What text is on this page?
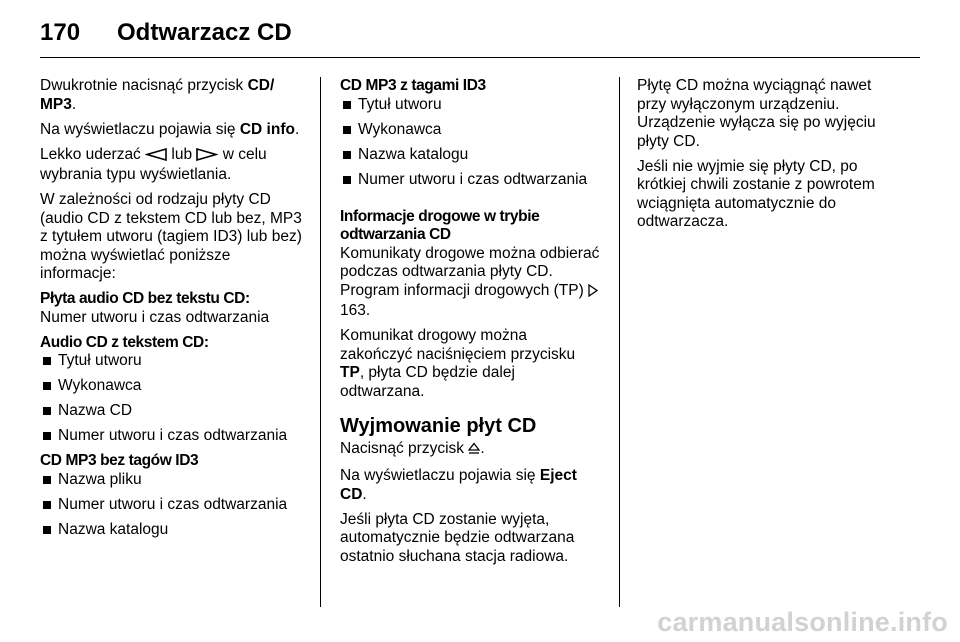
170 Odtwarzacz CD

Dwukrotnie nacisnąć przycisk CD/ MP3.

Na wyświetlaczu pojawia się CD info.

Lekko uderzać  lub  w celu wybrania typu wyświetlania.

W zależności od rodzaju płyty CD (audio CD z tekstem CD lub bez, MP3 z tytułem utworu (tagiem ID3) lub bez) można wyświetlać poniższe informacje:

Płyta audio CD bez tekstu CD:

Numer utworu i czas odtwarzania

Audio CD z tekstem CD:

Tytuł utworu
Wykonawca
Nazwa CD
Numer utworu i czas odtwarzania

CD MP3 bez tagów ID3

Nazwa pliku
Numer utworu i czas odtwarzania
Nazwa katalogu

CD MP3 z tagami ID3

Tytuł utworu
Wykonawca
Nazwa katalogu
Numer utworu i czas odtwarzania

Informacje drogowe w trybie odtwarzania CD

Komunikaty drogowe można odbierać podczas odtwarzania płyty CD. Program informacji drogowych (TP)  163.

Komunikat drogowy można zakończyć naciśnięciem przycisku TP, płyta CD będzie dalej odtwarzana.

Wyjmowanie płyt CD

Nacisnąć przycisk .

Na wyświetlaczu pojawia się Eject CD.

Jeśli płyta CD zostanie wyjęta, automatycznie będzie odtwarzana ostatnio słuchana stacja radiowa.

Płytę CD można wyciągnąć nawet przy wyłączonym urządzeniu. Urządzenie wyłącza się po wyjęciu płyty CD.

Jeśli nie wyjmie się płyty CD, po krótkiej chwili zostanie z powrotem wciągnięta automatycznie do odtwarzacza.

carmanualsonline.info
